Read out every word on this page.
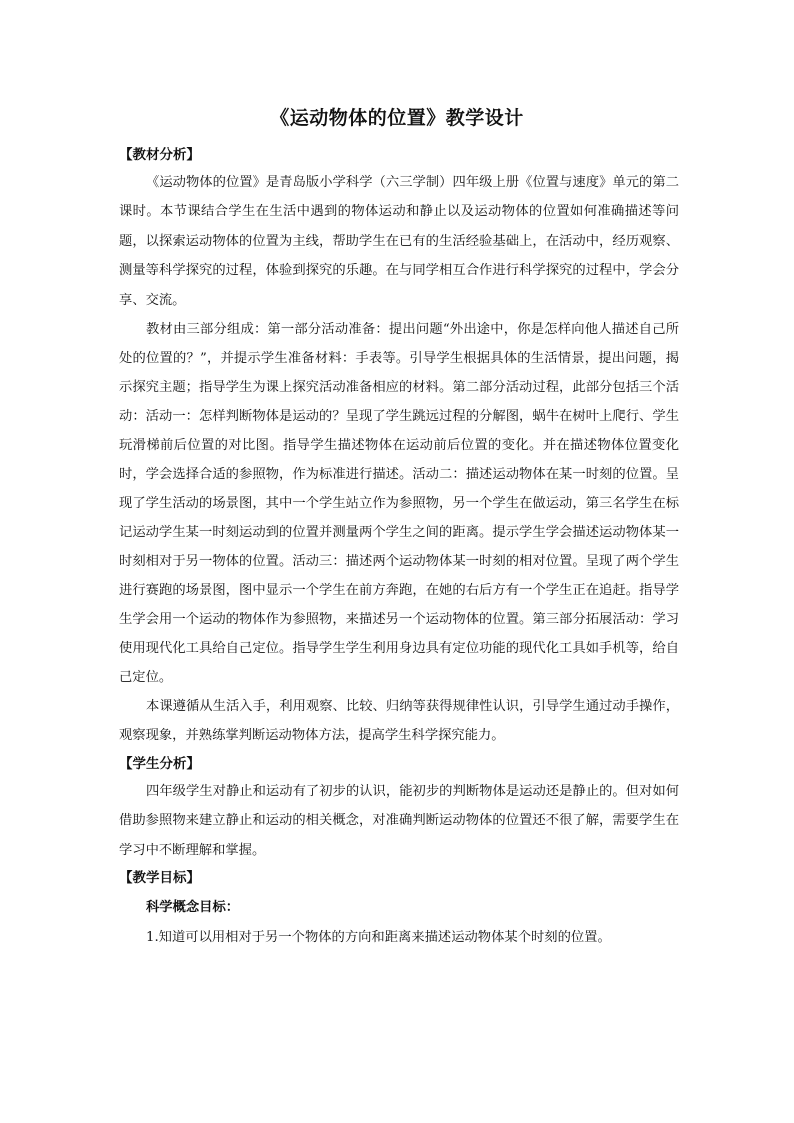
《运动物体的位置》教学设计
【教材分析】

《运动物体的位置》是青岛版小学科学（六三学制）四年级上册《位置与速度》单元的第二课时。本节课结合学生在生活中遇到的物体运动和静止以及运动物体的位置如何准确描述等问题，以探索运动物体的位置为主线，帮助学生在已有的生活经验基础上，在活动中，经历观察、测量等科学探究的过程，体验到探究的乐趣。在与同学相互合作进行科学探究的过程中，学会分享、交流。

教材由三部分组成：第一部分活动准备：提出问题“外出途中，你是怎样向他人描述自己所处的位置的？”，并提示学生准备材料：手表等。引导学生根据具体的生活情景，提出问题，揭示探究主题；指导学生为课上探究活动准备相应的材料。第二部分活动过程，此部分包括三个活动：活动一：怎样判断物体是运动的？呈现了学生跳远过程的分解图，蜗牛在树叶上爬行、学生玩滑梯前后位置的对比图。指导学生描述物体在运动前后位置的变化。并在描述物体位置变化时，学会选择合适的参照物，作为标准进行描述。活动二：描述运动物体在某一时刻的位置。呈现了学生活动的场景图，其中一个学生站立作为参照物，另一个学生在做运动，第三名学生在标记运动学生某一时刻运动到的位置并测量两个学生之间的距离。提示学生学会描述运动物体某一时刻相对于另一物体的位置。活动三：描述两个运动物体某一时刻的相对位置。呈现了两个学生进行赛跑的场景图，图中显示一个学生在前方奔跑，在她的右后方有一个学生正在追赶。指导学生学会用一个运动的物体作为参照物，来描述另一个运动物体的位置。第三部分拓展活动：学习使用现代化工具给自己定位。指导学生学生利用身边具有定位功能的现代化工具如手机等，给自己定位。

本课遵循从生活入手，利用观察、比较、归纳等获得规律性认识，引导学生通过动手操作，观察现象，并熟练掌判断运动物体方法，提高学生科学探究能力。

【学生分析】

四年级学生对静止和运动有了初步的认识，能初步的判断物体是运动还是静止的。但对如何借助参照物来建立静止和运动的相关概念，对准确判断运动物体的位置还不很了解，需要学生在学习中不断理解和掌握。

【教学目标】
科学概念目标：
1.知道可以用相对于另一个物体的方向和距离来描述运动物体某个时刻的位置。
